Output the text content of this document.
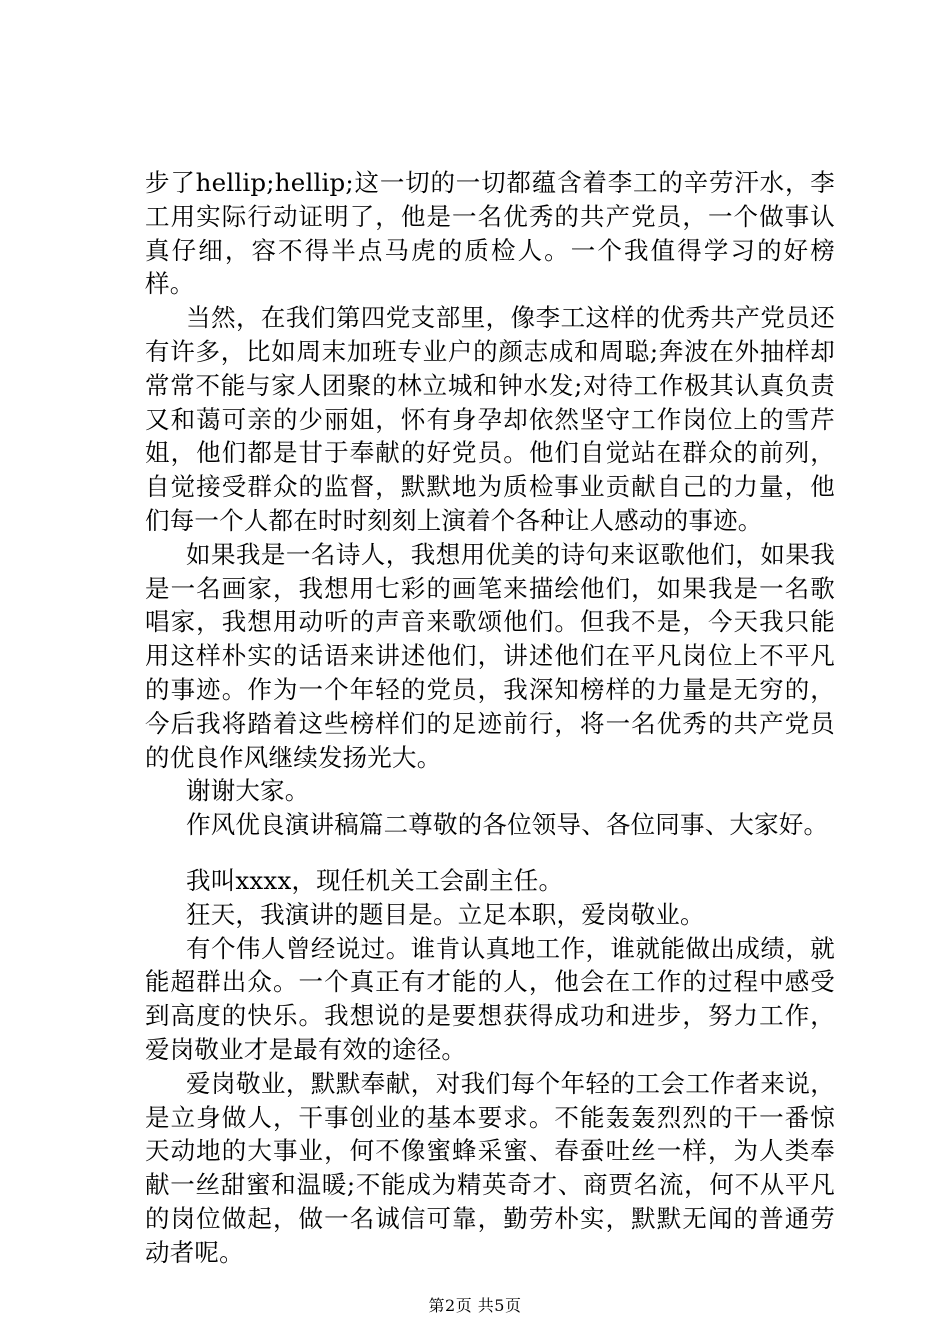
步了hellip;hellip;这一切的一切都蕴含着李工的辛劳汗水，李工用实际行动证明了，他是一名优秀的共产党员，一个做事认真仔细，容不得半点马虎的质检人。一个我值得学习的好榜样。

当然，在我们第四党支部里，像李工这样的优秀共产党员还有许多，比如周末加班专业户的颜志成和周聪;奔波在外抽样却常常不能与家人团聚的林立城和钟水发;对待工作极其认真负责又和蔼可亲的少丽姐，怀有身孕却依然坚守工作岗位上的雪芹姐，他们都是甘于奉献的好党员。他们自觉站在群众的前列，自觉接受群众的监督，默默地为质检事业贡献自己的力量，他们每一个人都在时时刻刻上演着个各种让人感动的事迹。

如果我是一名诗人，我想用优美的诗句来讴歌他们，如果我是一名画家，我想用七彩的画笔来描绘他们，如果我是一名歌唱家，我想用动听的声音来歌颂他们。但我不是，今天我只能用这样朴实的话语来讲述他们，讲述他们在平凡岗位上不平凡的事迹。作为一个年轻的党员，我深知榜样的力量是无穷的，今后我将踏着这些榜样们的足迹前行，将一名优秀的共产党员的优良作风继续发扬光大。

谢谢大家。

作风优良演讲稿篇二尊敬的各位领导、各位同事、大家好。

我叫xxxx，现任机关工会副主任。

狂天，我演讲的题目是。立足本职，爱岗敬业。

有个伟人曾经说过。谁肯认真地工作，谁就能做出成绩，就能超群出众。一个真正有才能的人，他会在工作的过程中感受到高度的快乐。我想说的是要想获得成功和进步，努力工作，爱岗敬业才是最有效的途径。

爱岗敬业，默默奉献，对我们每个年轻的工会工作者来说，是立身做人，干事创业的基本要求。不能轰轰烈烈的干一番惊天动地的大事业，何不像蜜蜂采蜜、春蚕吐丝一样，为人类奉献一丝甜蜜和温暖;不能成为精英奇才、商贾名流，何不从平凡的岗位做起，做一名诚信可靠，勤劳朴实，默默无闻的普通劳动者呢。

第2页 共5页
